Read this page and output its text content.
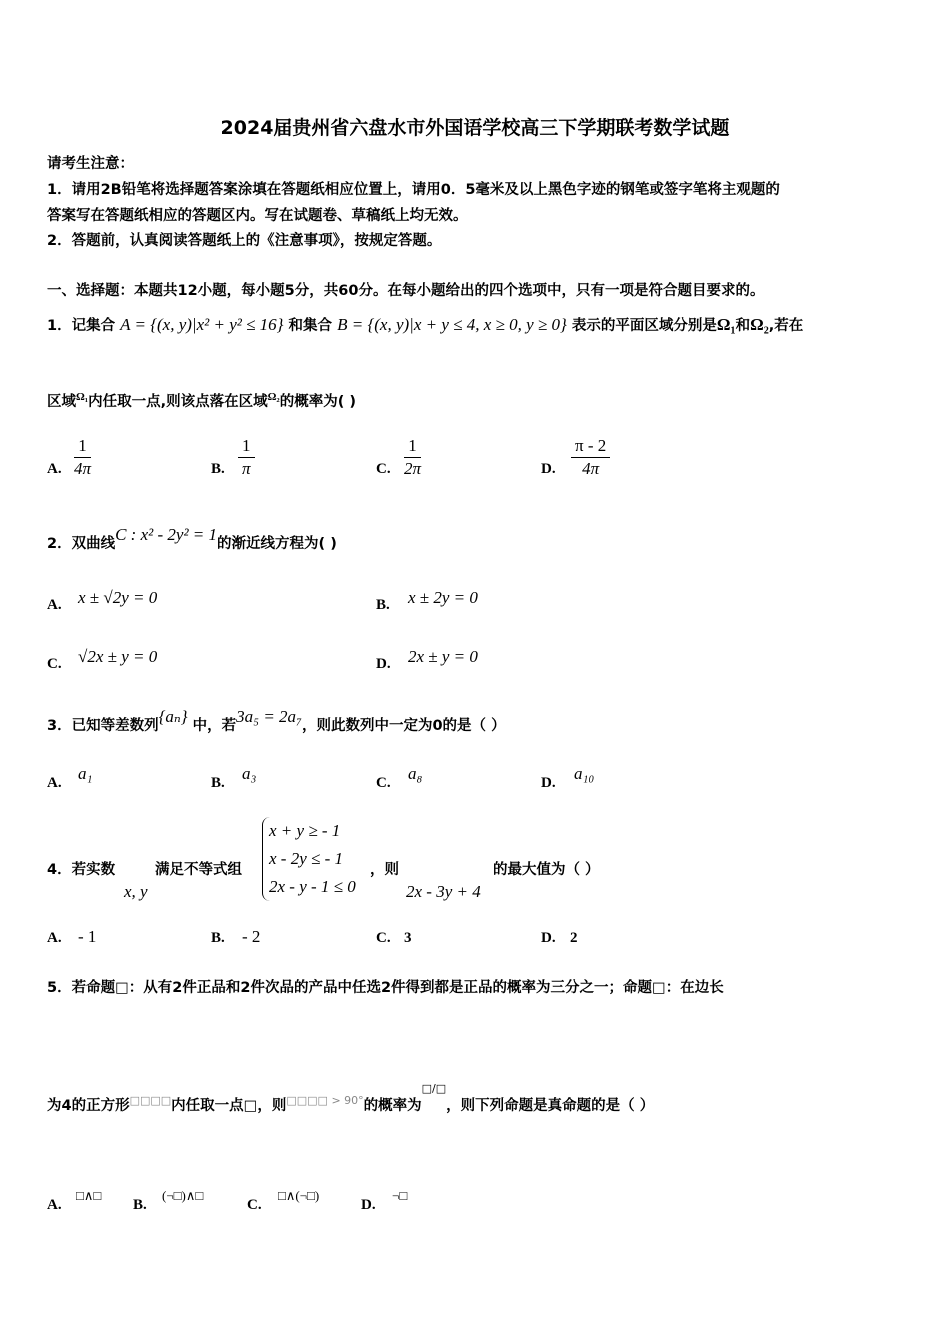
2024届贵州省六盘水市外国语学校高三下学期联考数学试题
请考生注意：
1．请用2B铅笔将选择题答案涂填在答题纸相应位置上，请用0．5毫米及以上黑色字迹的钢笔或签字笔将主观题的
答案写在答题纸相应的答题区内。写在试题卷、草稿纸上均无效。
2．答题前，认真阅读答题纸上的《注意事项》，按规定答题。
一、选择题：本题共12小题，每小题5分，共60分。在每小题给出的四个选项中，只有一项是符合题目要求的。
1．记集合 A = {(x, y)|x² + y² ≤ 16} 和集合 B = {(x, y)|x + y ≤ 4, x ≥ 0, y ≥ 0} 表示的平面区域分别是Ω₁和Ω₂,若在
区域$^{\Omega_1}$内任取一点,则该点落在区域$^{\Omega_2}$的概率为( )
A. $\frac{1}{4\pi}$	B. $\frac{1}{\pi}$	C. $\frac{1}{2\pi}$	D. $\frac{\pi - 2}{4\pi}$
2．双曲线C : x² - 2y² = 1的渐近线方程为( )
A. x ± √2y = 0	B. x ± 2y = 0
C. √2x ± y = 0	D. 2x ± y = 0
3．已知等差数列{aₙ} 中，若3a₅ = 2a₇，则此数列中一定为0的是（ ）
A. a₁	B. a₃	C. a₈	D. a₁₀
4．若实数
x, y
满足不等式组
x + y ≥ - 1
x - 2y ≤ - 1
2x - y - 1 ≤ 0
，则
2x - 3y + 4
的最大值为（ ）
A. - 1	B. - 2	C. 3	D. 2
5．若命题□：从有2件正品和2件次品的产品中任选2件得到都是正品的概率为三分之一；命题□：在边长
为4的正方形□□□□内任取一点□，则$^{□□□□ > 90^\circ}$的概率为□/□，则下列命题是真命题的是（ ）
A.
□∧□
B.
(¬□)∧□
C.
□∧(¬□)
D.
¬□
